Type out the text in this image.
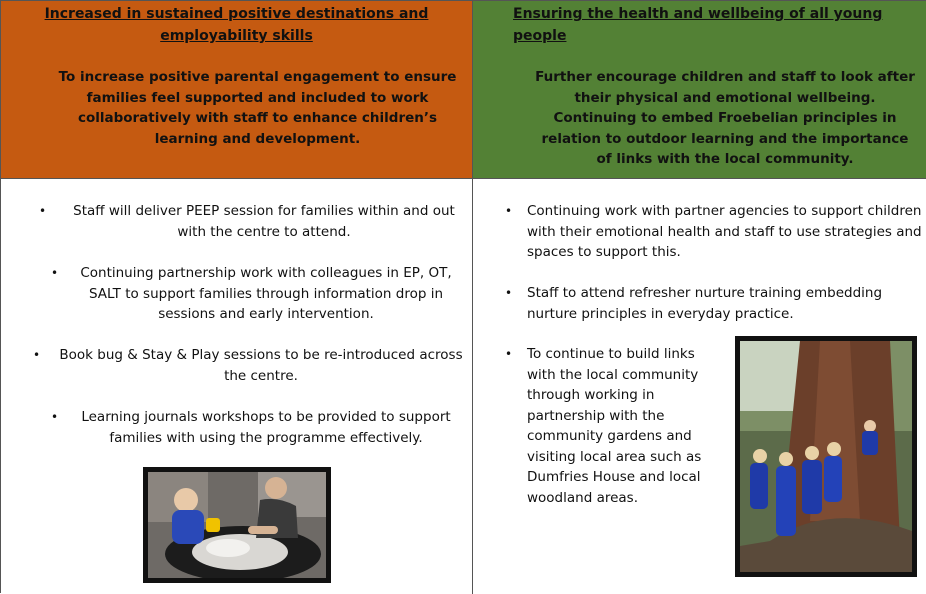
Increased in sustained positive destinations and employability skills
To increase positive parental engagement to ensure families feel supported and included to work collaboratively with staff to enhance children’s learning and development.
Ensuring the health and wellbeing of all young people
Further encourage children and staff to look after their physical and emotional wellbeing. Continuing to embed Froebelian principles in relation to outdoor learning and the importance of links with the local community.
•	Staff will deliver PEEP session for families within and out with the centre to attend.
•	Continuing partnership work with colleagues in EP, OT, SALT to support families through information drop in sessions and early intervention.
•	Book bug & Stay & Play sessions to be re-introduced across the centre.
•	Learning journals workshops to be provided to support families with using the programme effectively.
• Continuing work with partner agencies to support children with their emotional health and staff to use strategies and spaces to support this.
• Staff to attend refresher nurture training embedding nurture principles in everyday practice.
• To continue to build links with the local community through working in partnership with the community gardens and visiting local area such as Dumfries House and local woodland areas.
